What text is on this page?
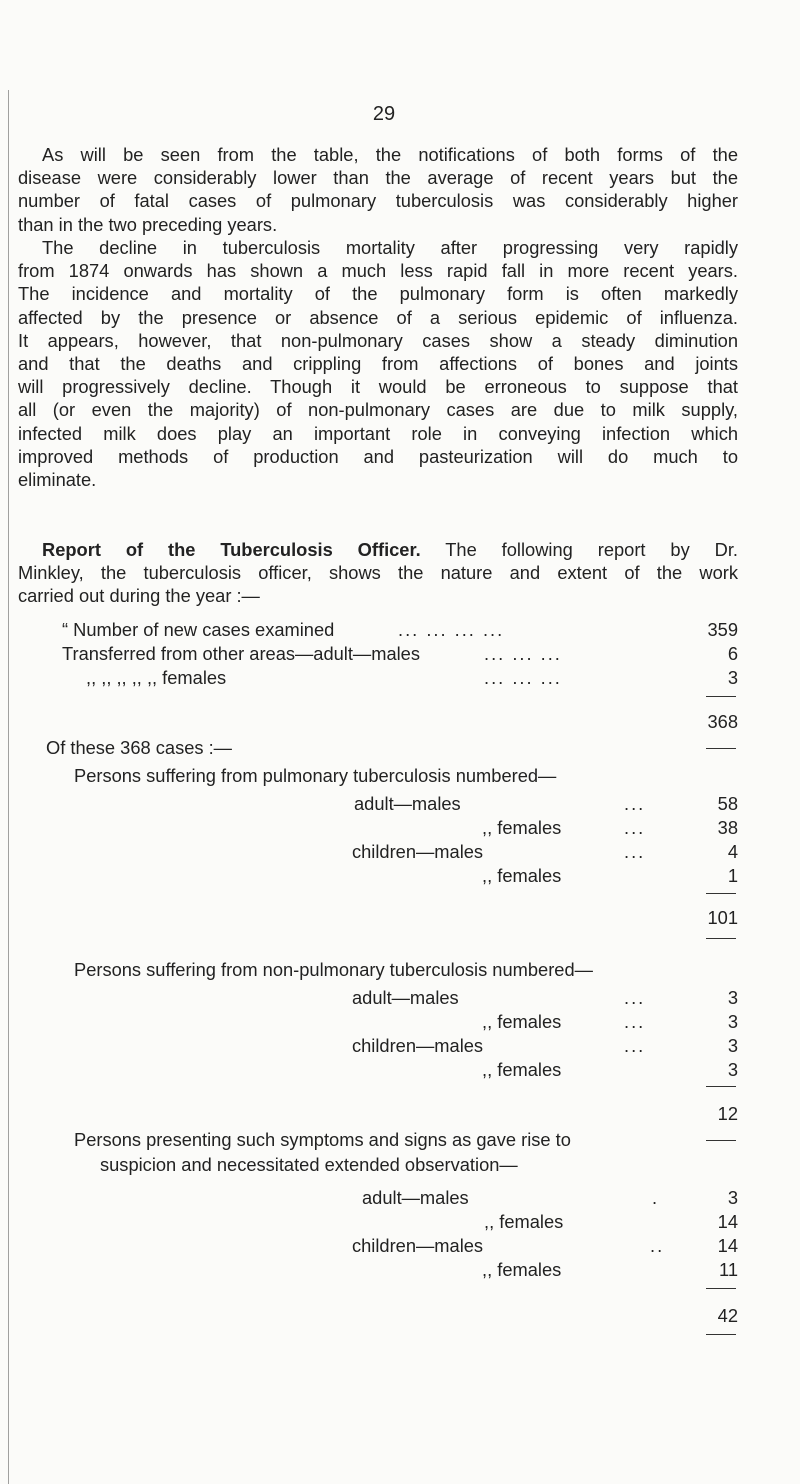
29
As will be seen from the table, the notifications of both forms of the
disease were considerably lower than the average of recent years but the
number of fatal cases of pulmonary tuberculosis was considerably higher
than in the two preceding years.
The decline in tuberculosis mortality after progressing very rapidly
from 1874 onwards has shown a much less rapid fall in more recent years.
The incidence and mortality of the pulmonary form is often markedly
affected by the presence or absence of a serious epidemic of influenza.
It appears, however, that non-pulmonary cases show a steady diminution
and that the deaths and crippling from affections of bones and joints
will progressively decline. Though it would be erroneous to suppose that
all (or even the majority) of non-pulmonary cases are due to milk supply,
infected milk does play an important role in conveying infection which
improved methods of production and pasteurization will do much to
eliminate.
Report of the Tuberculosis Officer. The following report by Dr.
Minkley, the tuberculosis officer, shows the nature and extent of the work
carried out during the year :—
“ Number of new cases examined	... ... ... ...	359
Transferred from other areas—adult—males	... ... ...	6
,, ,, ,, ,, ,, females	... ... ...	3
368
Of these 368 cases :—
Persons suffering from pulmonary tuberculosis numbered—
adult—males	...	58
,, females	...	38
children—males	...	4
,, females	1
101
Persons suffering from non-pulmonary tuberculosis numbered—
adult—males	...	3
,, females	...	3
children—males	...	3
,, females	3
12
Persons presenting such symptoms and signs as gave rise to
suspicion and necessitated extended observation—
adult—males	.	3
,, females	14
children—males	..	14
,, females	11
42
